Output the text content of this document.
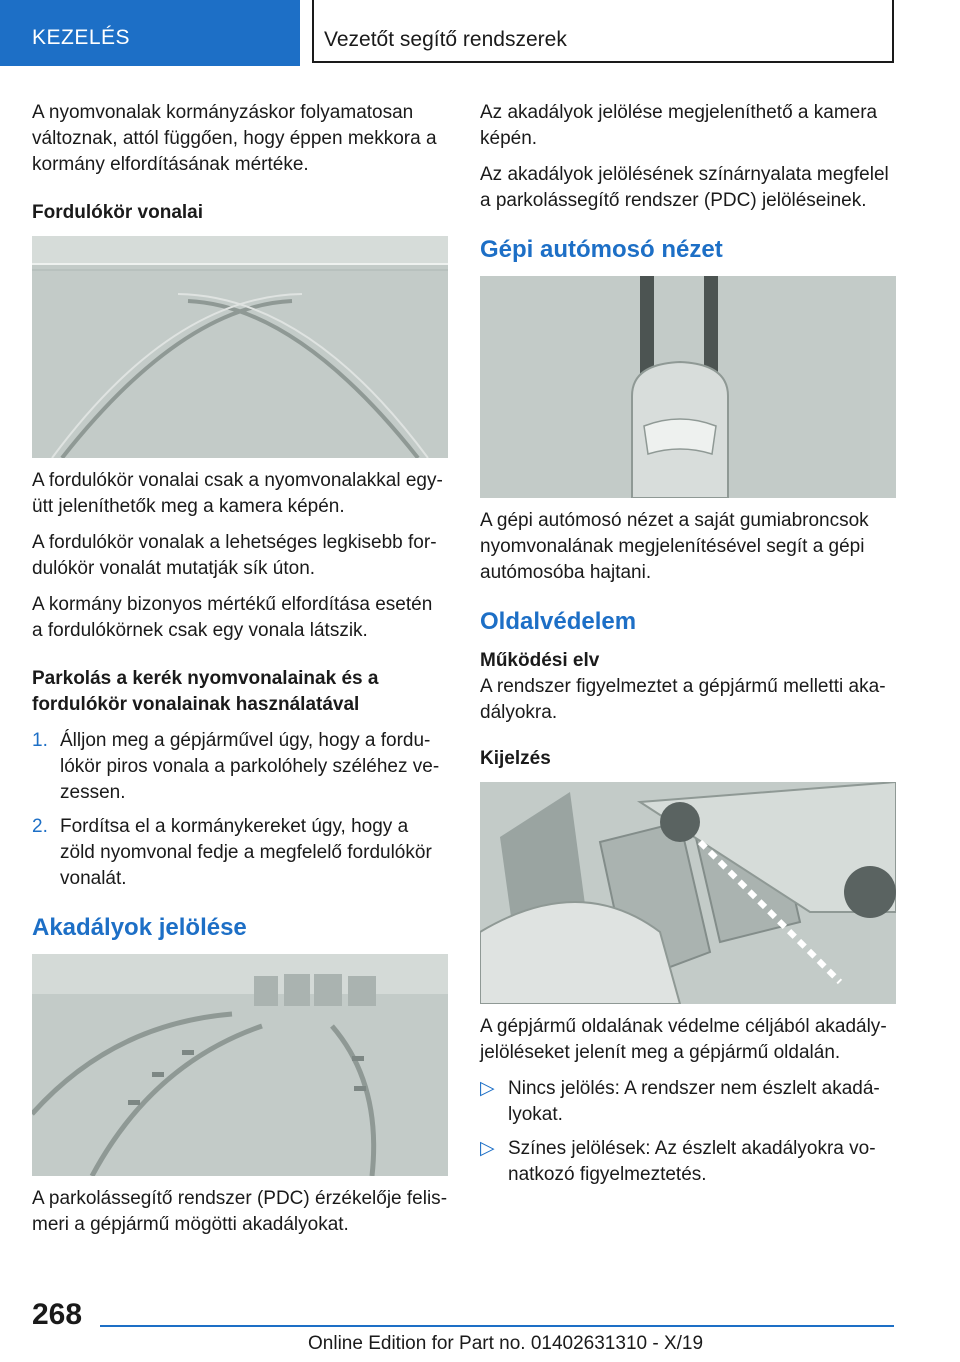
KEZELÉS	Vezetőt segítő rendszerek

A nyomvonalak kormányzáskor folyamatosan változnak, attól függően, hogy éppen mekkora a kormány elfordításának mértéke.

Fordulókör vonalai

A fordulókör vonalai csak a nyomvonalakkal együtt jeleníthetők meg a kamera képén.

A fordulókör vonalak a lehetséges legkisebb fordulókör vonalát mutatják sík úton.

A kormány bizonyos mértékű elfordítása esetén a fordulókörnek csak egy vonala látszik.

Parkolás a kerék nyomvonalainak és a fordulókör vonalainak használatával
1. Álljon meg a gépjárművel úgy, hogy a fordulókör piros vonala a parkolóhely széléhez vezessen.
2. Fordítsa el a kormánykereket úgy, hogy a zöld nyomvonal fedje a megfelelő fordulókör vonalát.
Akadályok jelölése

A parkolássegítő rendszer (PDC) érzékelője felismeri a gépjármű mögötti akadályokat.

Az akadályok jelölése megjeleníthető a kamera képén.

Az akadályok jelölésének színárnyalata megfelel a parkolássegítő rendszer (PDC) jelöléseinek.

Gépi autómosó nézet

A gépi autómosó nézet a saját gumiabroncsok nyomvonalának megjelenítésével segít a gépi autómosóba hajtani.

Oldalvédelem
Működési elv

A rendszer figyelmeztet a gépjármű melletti akadályokra.

Kijelzés

A gépjármű oldalának védelme céljából akadályjelöléseket jelenít meg a gépjármű oldalán.

▷ Nincs jelölés: A rendszer nem észlelt akadályokat.
▷ Színes jelölések: Az észlelt akadályokra vonatkozó figyelmeztetés.
268
Online Edition for Part no. 01402631310 - X/19
